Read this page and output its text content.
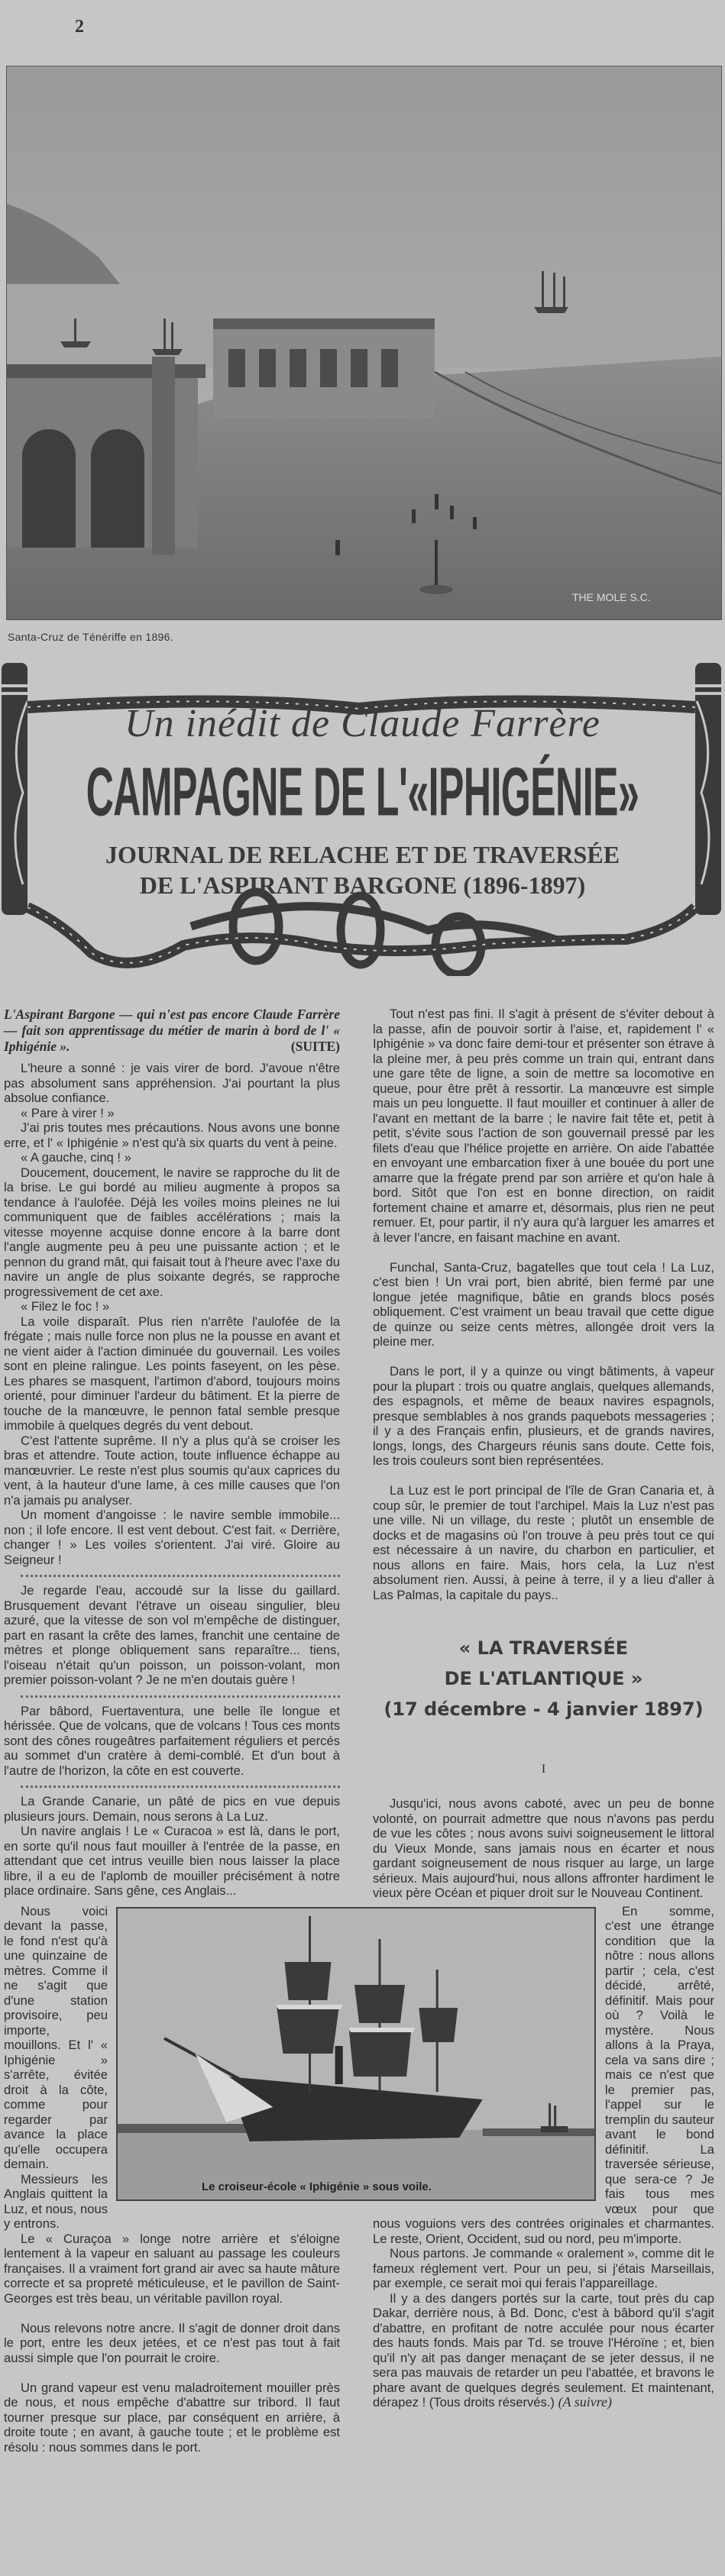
2
THE MOLE S.C.
Santa-Cruz de Ténériffe en 1896.
Un inédit de Claude Farrère
CAMPAGNE DE L'«IPHIGÉNIE»
JOURNAL DE RELACHE ET DE TRAVERSÉE
DE L'ASPIRANT BARGONE (1896-1897)

L'Aspirant Bargone — qui n'est pas encore Claude Farrère — fait son apprentissage du métier de marin à bord de l' « Iphigénie ».	(SUITE)

L'heure a sonné : je vais virer de bord. J'avoue n'être pas absolument sans appréhension. J'ai pourtant la plus absolue confiance.

« Pare à virer ! »

J'ai pris toutes mes précautions. Nous avons une bonne erre, et l' « Iphigénie » n'est qu'à six quarts du vent à peine.

« A gauche, cinq ! »

Doucement, doucement, le navire se rapproche du lit de la brise. Le gui bordé au milieu augmente à propos sa tendance à l'aulofée. Déjà les voiles moins pleines ne lui communiquent que de faibles accélérations ; mais la vitesse moyenne acquise donne encore à la barre dont l'angle augmente peu à peu une puissante action ; et le pennon du grand mât, qui faisait tout à l'heure avec l'axe du navire un angle de plus soixante degrés, se rapproche progressivement de cet axe.

« Filez le foc ! »

La voile disparaît. Plus rien n'arrête l'aulofée de la frégate ; mais nulle force non plus ne la pousse en avant et ne vient aider à l'action diminuée du gouvernail. Les voiles sont en pleine ralingue. Les points faseyent, on les pèse. Les phares se masquent, l'artimon d'abord, toujours moins orienté, pour diminuer l'ardeur du bâtiment. Et la pierre de touche de la manœuvre, le pennon fatal semble presque immobile à quelques degrés du vent debout.

C'est l'attente suprême. Il n'y a plus qu'à se croiser les bras et attendre. Toute action, toute influence échappe au manœuvrier. Le reste n'est plus soumis qu'aux caprices du vent, à la hauteur d'une lame, à ces mille causes que l'on n'a jamais pu analyser.

Un moment d'angoisse : le navire semble immobile... non ; il lofe encore. Il est vent debout. C'est fait. « Derrière, changer ! » Les voiles s'orientent. J'ai viré. Gloire au Seigneur !

Je regarde l'eau, accoudé sur la lisse du gaillard. Brusquement devant l'étrave un oiseau singulier, bleu azuré, que la vitesse de son vol m'empêche de distinguer, part en rasant la crête des lames, franchit une centaine de mètres et plonge obliquement sans reparaître... tiens, l'oiseau n'était qu'un poisson, un poisson-volant, mon premier poisson-volant ? Je ne m'en doutais guère !

Par bâbord, Fuertaventura, une belle île longue et hérissée. Que de volcans, que de volcans ! Tous ces monts sont des cônes rougeâtres parfaitement réguliers et percés au sommet d'un cratère à demi-comblé. Et d'un bout à l'autre de l'horizon, la côte en est couverte.

La Grande Canarie, un pâté de pics en vue depuis plusieurs jours. Demain, nous serons à La Luz.

Un navire anglais ! Le « Curacoa » est là, dans le port, en sorte qu'il nous faut mouiller à l'entrée de la passe, en attendant que cet intrus veuille bien nous laisser la place libre, il a eu de l'aplomb de mouiller précisément à notre place ordinaire. Sans gêne, ces Anglais...

Tout n'est pas fini. Il s'agit à présent de s'éviter debout à la passe, afin de pouvoir sortir à l'aise, et, rapidement l' « Iphigénie » va donc faire demi-tour et présenter son étrave à la pleine mer, à peu près comme un train qui, entrant dans une gare tête de ligne, a soin de mettre sa locomotive en queue, pour être prêt à ressortir. La manœuvre est simple mais un peu longuette. Il faut mouiller et continuer à aller de l'avant en mettant de la barre ; le navire fait tête et, petit à petit, s'évite sous l'action de son gouvernail pressé par les filets d'eau que l'hélice projette en arrière. On aide l'abattée en envoyant une embarcation fixer à une bouée du port une amarre que la frégate prend par son arrière et qu'on hale à bord. Sitôt que l'on est en bonne direction, on raidit fortement chaine et amarre et, désormais, plus rien ne peut remuer. Et, pour partir, il n'y aura qu'à larguer les amarres et à lever l'ancre, en faisant machine en avant.

Funchal, Santa-Cruz, bagatelles que tout cela ! La Luz, c'est bien ! Un vrai port, bien abrité, bien fermé par une longue jetée magnifique, bâtie en grands blocs posés obliquement. C'est vraiment un beau travail que cette digue de quinze ou seize cents mètres, allongée droit vers la pleine mer.

Dans le port, il y a quinze ou vingt bâtiments, à vapeur pour la plupart : trois ou quatre anglais, quelques allemands, des espagnols, et même de beaux navires espagnols, presque semblables à nos grands paquebots messageries ; il y a des Français enfin, plusieurs, et de grands navires, longs, longs, des Chargeurs réunis sans doute. Cette fois, les trois couleurs sont bien représentées.

La Luz est le port principal de l'île de Gran Canaria et, à coup sûr, le premier de tout l'archipel. Mais la Luz n'est pas une ville. Ni un village, du reste ; plutôt un ensemble de docks et de magasins où l'on trouve à peu près tout ce qui est nécessaire à un navire, du charbon en particulier, et nous allons en faire. Mais, hors cela, la Luz n'est absolument rien. Aussi, à peine à terre, il y a lieu d'aller à Las Palmas, la capitale du pays..

« LA TRAVERSÉE
DE L'ATLANTIQUE »
(17 décembre - 4 janvier 1897)
I

Jusqu'ici, nous avons caboté, avec un peu de bonne volonté, on pourrait admettre que nous n'avons pas perdu de vue les côtes ; nous avons suivi soigneusement le littoral du Vieux Monde, sans jamais nous en écarter et nous gardant soigneusement de nous risquer au large, un large sérieux. Mais aujourd'hui, nous allons affronter hardiment le vieux père Océan et piquer droit sur le Nouveau Continent.

Nous voici devant la passe, le fond n'est qu'à une quinzaine de mètres. Comme il ne s'agit que d'une station provisoire, peu importe, mouillons. Et l' « Iphigénie » s'arrête, évitée droit à la côte, comme pour regarder par avance la place qu'elle occupera demain.

Messieurs les Anglais quittent la Luz, et nous, nous y entrons.

Le « Curaçoa » longe notre arrière et s'éloigne lentement à la vapeur en saluant au passage les couleurs françaises. Il a vraiment fort grand air avec sa haute mâture correcte et sa propreté méticuleuse, et le pavillon de Saint-Georges est très beau, un véritable pavillon royal.

Nous relevons notre ancre. Il s'agit de donner droit dans le port, entre les deux jetées, et ce n'est pas tout à fait aussi simple que l'on pourrait le croire.

Un grand vapeur est venu maladroitement mouiller près de nous, et nous empêche d'abattre sur tribord. Il faut tourner presque sur place, par conséquent en arrière, à droite toute ; en avant, à gauche toute ; et le problème est résolu : nous sommes dans le port.

En somme, c'est une étrange condition que la nôtre : nous allons partir ; cela, c'est décidé, arrêté, définitif. Mais pour où ? Voilà le mystère. Nous allons à la Praya, cela va sans dire ; mais ce n'est que le premier pas, l'appel sur le tremplin du sauteur avant le bond définitif. La traversée sérieuse, que sera-ce ? Je fais tous mes vœux pour que nous voguions vers des contrées originales et charmantes. Le reste, Orient, Occident, sud ou nord, peu m'importe.

Nous partons. Je commande « oralement », comme dit le fameux réglement vert. Pour un peu, si j'étais Marseillais, par exemple, ce serait moi qui ferais l'appareillage.

Il y a des dangers portés sur la carte, tout près du cap Dakar, derrière nous, à Bd. Donc, c'est à bâbord qu'il s'agit d'abattre, en profitant de notre acculée pour nous écarter des hauts fonds. Mais par Td. se trouve l'Héroïne ; et, bien qu'il n'y ait pas danger menaçant de se jeter dessus, il ne sera pas mauvais de retarder un peu l'abattée, et bravons le phare avant de quelques degrés seulement. Et maintenant, dérapez ! (Tous droits réservés.) (A suivre)

Le croiseur-école « Iphigénie » sous voile.
